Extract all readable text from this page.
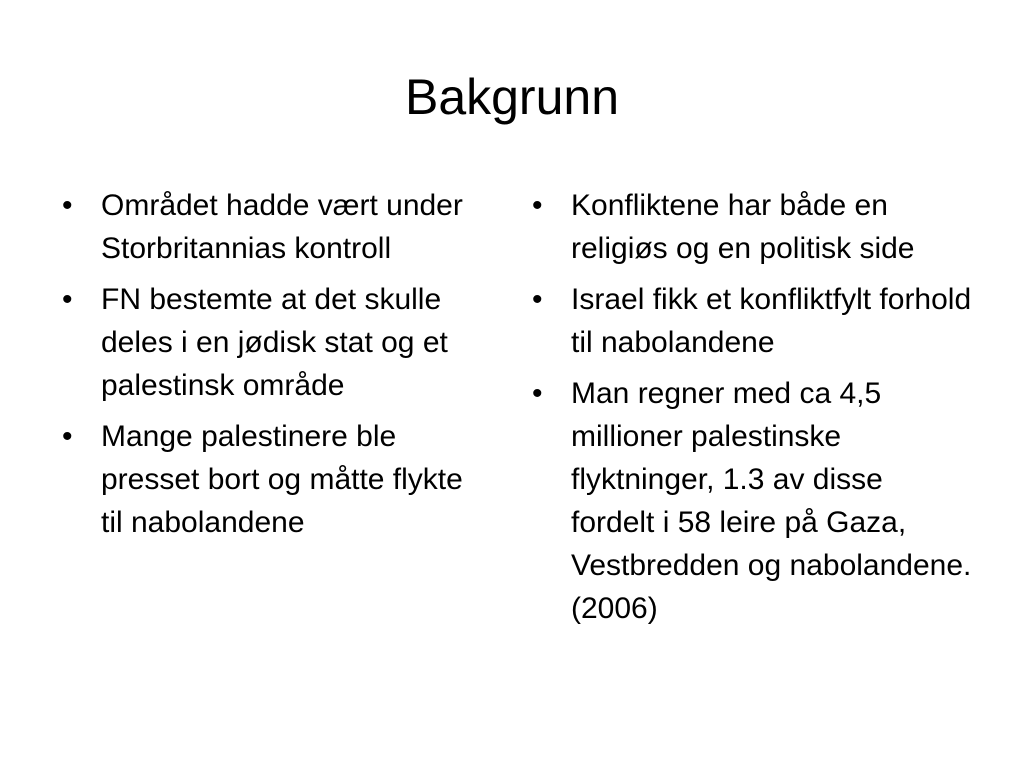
Bakgrunn
• Området hadde vært under Storbritannias kontroll
• FN bestemte at det skulle deles i en jødisk stat og et palestinsk område
• Mange palestinere ble presset bort og måtte flykte til nabolandene
• Konfliktene har både en religiøs og en politisk side
• Israel fikk et konfliktfylt forhold til nabolandene
• Man regner med ca 4,5 millioner palestinske flyktninger, 1.3 av disse fordelt i 58 leire på Gaza, Vestbredden og nabolandene. (2006)
